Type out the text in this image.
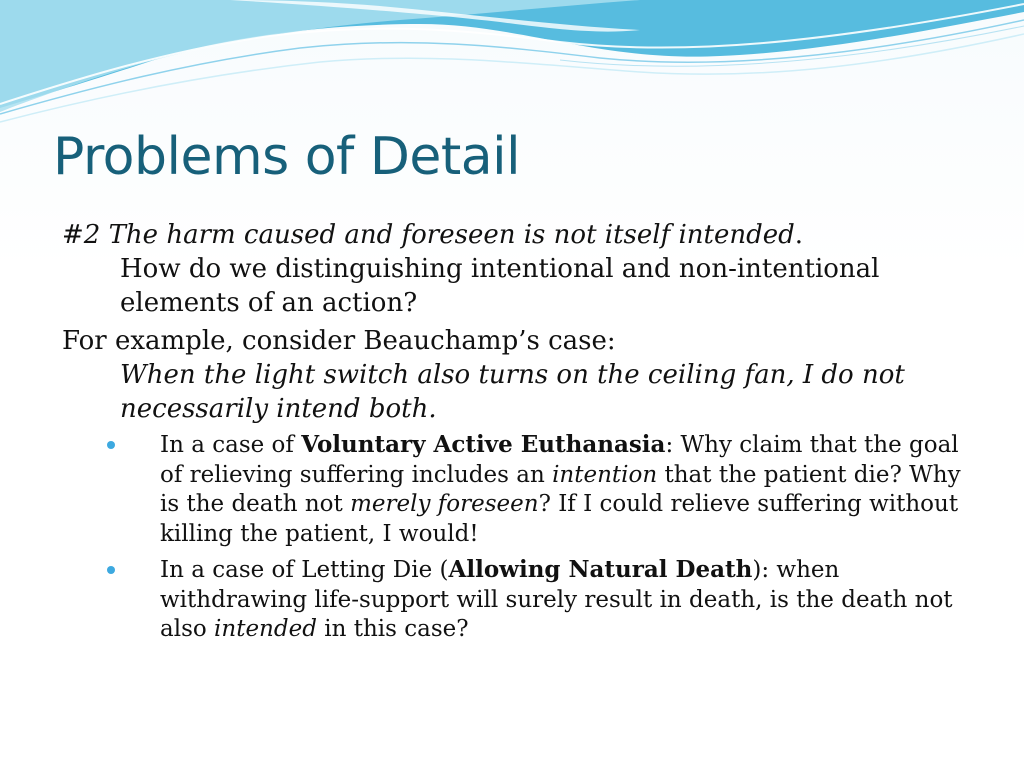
Problems of Detail

#2 The harm caused and foreseen is not itself intended.

How do we distinguishing intentional and non-intentional elements of an action?

For example, consider Beauchamp’s case:

When the light switch also turns on the ceiling fan, I do not necessarily intend both.

In a case of Voluntary Active Euthanasia: Why claim that the goal of relieving suffering includes an intention that the patient die? Why is the death not merely foreseen? If I could relieve suffering without killing the patient, I would!
In a case of Letting Die (Allowing Natural Death): when withdrawing life-support will surely result in death, is the death not also intended in this case?
